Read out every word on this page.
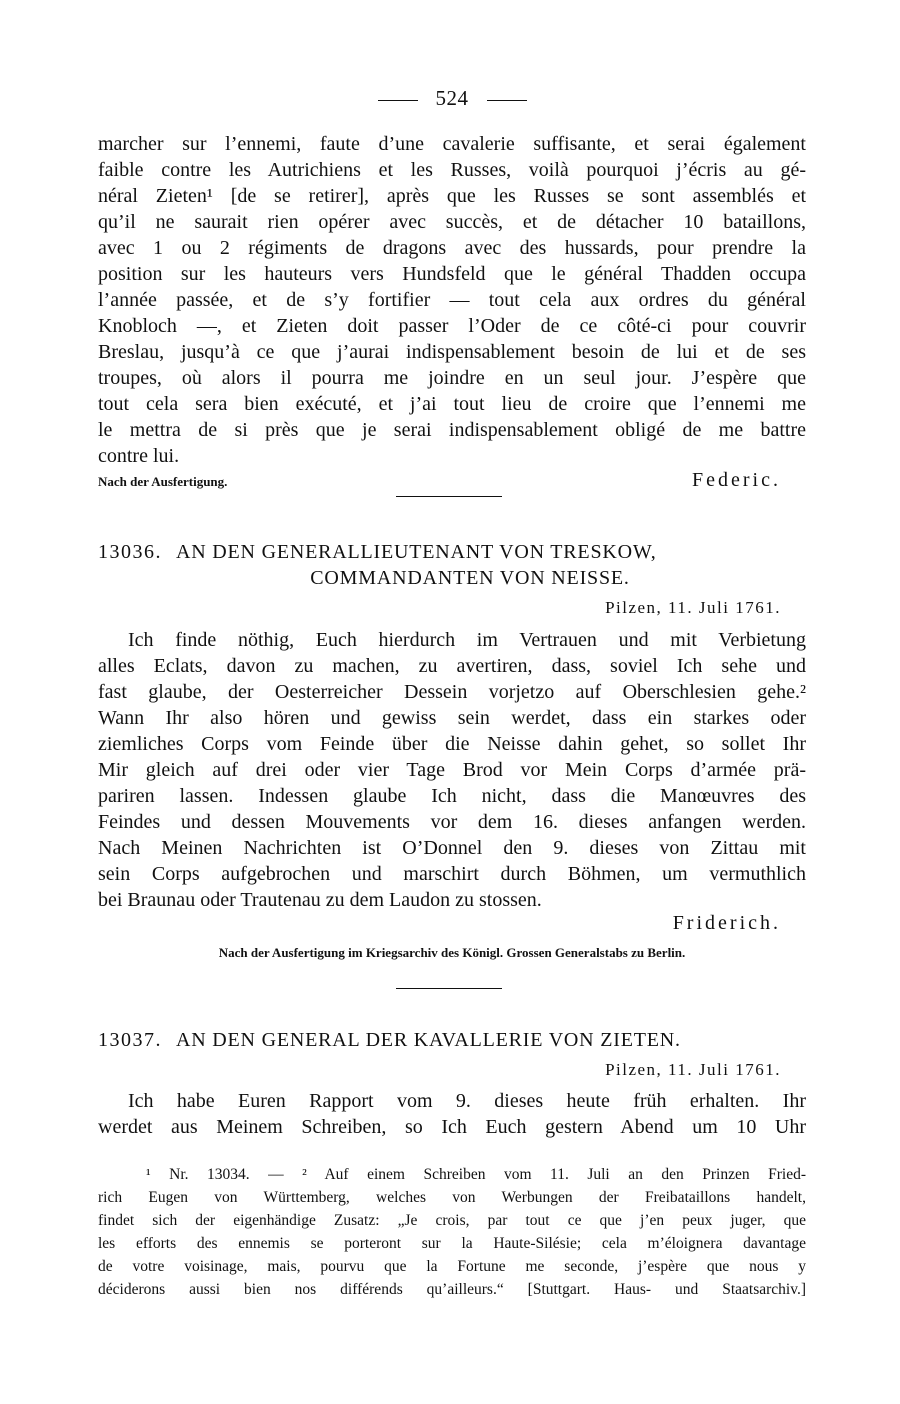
524
marcher sur l’ennemi, faute d’une cavalerie suffisante, et serai également
faible contre les Autrichiens et les Russes, voilà pourquoi j’écris au gé-
néral Zieten¹ [de se retirer], après que les Russes se sont assemblés et
qu’il ne saurait rien opérer avec succès, et de détacher 10 bataillons,
avec 1 ou 2 régiments de dragons avec des hussards, pour prendre la
position sur les hauteurs vers Hundsfeld que le général Thadden occupa
l’année passée, et de s’y fortifier — tout cela aux ordres du général
Knobloch —, et Zieten doit passer l’Oder de ce côté-ci pour couvrir
Breslau, jusqu’à ce que j’aurai indispensablement besoin de lui et de ses
troupes, où alors il pourra me joindre en un seul jour. J’espère que
tout cela sera bien exécuté, et j’ai tout lieu de croire que l’ennemi me
le mettra de si près que je serai indispensablement obligé de me battre
contre lui.
Nach der Ausfertigung.	Federic.
13036. AN DEN GENERALLIEUTENANT VON TRESKOW,
COMMANDANTEN VON NEISSE.
Pilzen, 11. Juli 1761.
Ich finde nöthig, Euch hierdurch im Vertrauen und mit Verbietung
alles Eclats, davon zu machen, zu avertiren, dass, soviel Ich sehe und
fast glaube, der Oesterreicher Dessein vorjetzo auf Oberschlesien gehe.²
Wann Ihr also hören und gewiss sein werdet, dass ein starkes oder
ziemliches Corps vom Feinde über die Neisse dahin gehet, so sollet Ihr
Mir gleich auf drei oder vier Tage Brod vor Mein Corps d’armée prä-
pariren lassen. Indessen glaube Ich nicht, dass die Manœuvres des
Feindes und dessen Mouvements vor dem 16. dieses anfangen werden.
Nach Meinen Nachrichten ist O’Donnel den 9. dieses von Zittau mit
sein Corps aufgebrochen und marschirt durch Böhmen, um vermuthlich
bei Braunau oder Trautenau zu dem Laudon zu stossen.
Friderich.
Nach der Ausfertigung im Kriegsarchiv des Königl. Grossen Generalstabs zu Berlin.
13037. AN DEN GENERAL DER KAVALLERIE VON ZIETEN.
Pilzen, 11. Juli 1761.
Ich habe Euren Rapport vom 9. dieses heute früh erhalten. Ihr
werdet aus Meinem Schreiben, so Ich Euch gestern Abend um 10 Uhr
¹ Nr. 13034. — ² Auf einem Schreiben vom 11. Juli an den Prinzen Fried-
rich Eugen von Württemberg, welches von Werbungen der Freibataillons handelt,
findet sich der eigenhändige Zusatz: „Je crois, par tout ce que j’en peux juger, que
les efforts des ennemis se porteront sur la Haute-Silésie; cela m’éloignera davantage
de votre voisinage, mais, pourvu que la Fortune me seconde, j’espère que nous y
déciderons aussi bien nos différends qu’ailleurs.“ [Stuttgart. Haus- und Staatsarchiv.]
